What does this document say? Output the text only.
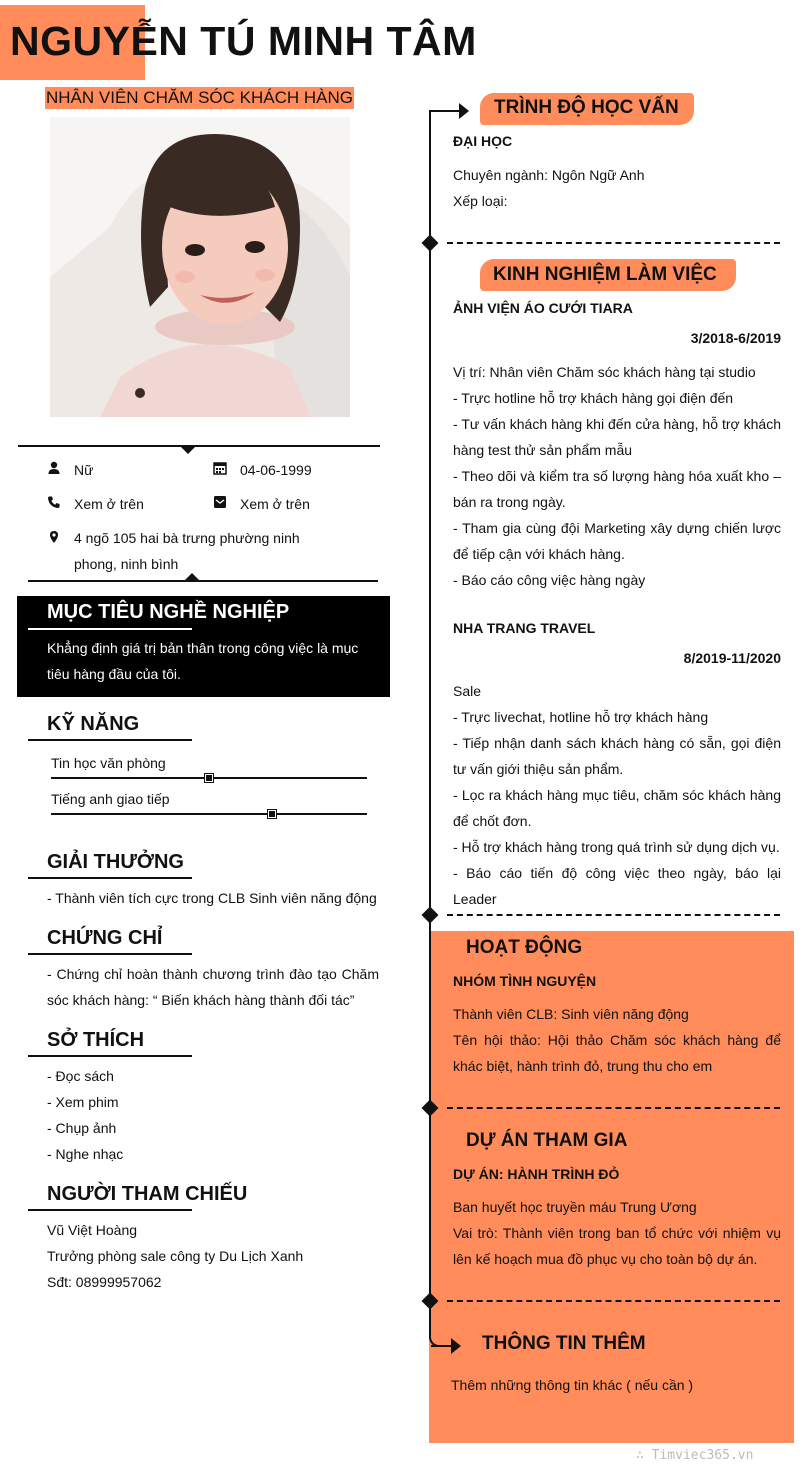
NGUYỄN TÚ MINH TÂM
NHÂN VIÊN CHĂM SÓC KHÁCH HÀNG
Nữ	04-06-1999
Xem ở trên	Xem ở trên
4 ngõ 105 hai bà trưng phường ninh phong, ninh bình
MỤC TIÊU NGHỀ NGHIỆP
Khẳng định giá trị bản thân trong công việc là mục tiêu hàng đầu của tôi.
KỸ NĂNG
Tin học văn phòng
Tiếng anh giao tiếp
GIẢI THƯỞNG
- Thành viên tích cực trong CLB Sinh viên năng động
CHỨNG CHỈ
- Chứng chỉ hoàn thành chương trình đào tạo Chăm sóc khách hàng: “ Biến khách hàng thành đối tác”
SỞ THÍCH
- Đọc sách
- Xem phim
- Chụp ảnh
- Nghe nhạc
NGƯỜI THAM CHIẾU
Vũ Việt Hoàng
Trưởng phòng sale công ty Du Lịch Xanh
Sđt: 08999957062
TRÌNH ĐỘ HỌC VẤN
ĐẠI HỌC
Chuyên ngành: Ngôn Ngữ Anh
Xếp loại:
KINH NGHIỆM LÀM VIỆC
ẢNH VIỆN ÁO CƯỚI TIARA
3/2018-6/2019
Vị trí: Nhân viên Chăm sóc khách hàng tại studio
- Trực hotline hỗ trợ khách hàng gọi điện đến
- Tư vấn khách hàng khi đến cửa hàng, hỗ trợ khách hàng test thử sản phẩm mẫu
- Theo dõi và kiểm tra số lượng hàng hóa xuất kho – bán ra trong ngày.
- Tham gia cùng đội Marketing xây dựng chiến lược để tiếp cận với khách hàng.
- Báo cáo công việc hàng ngày
NHA TRANG TRAVEL
8/2019-11/2020
Sale
- Trực livechat, hotline hỗ trợ khách hàng
- Tiếp nhận danh sách khách hàng có sẵn, gọi điện tư vấn giới thiệu sản phẩm.
- Lọc ra khách hàng mục tiêu, chăm sóc khách hàng để chốt đơn.
- Hỗ trợ khách hàng trong quá trình sử dụng dịch vụ.
- Báo cáo tiến độ công việc theo ngày, báo lại Leader
HOẠT ĐỘNG
NHÓM TÌNH NGUYỆN
Thành viên CLB: Sinh viên năng động
Tên hội thảo: Hội thảo Chăm sóc khách hàng để khác biệt, hành trình đỏ, trung thu cho em
DỰ ÁN THAM GIA
DỰ ÁN: HÀNH TRÌNH ĐỎ
Ban huyết học truyền máu Trung Ương
Vai trò: Thành viên trong ban tổ chức với nhiệm vụ lên kế hoạch mua đồ phục vụ cho toàn bộ dự án.
THÔNG TIN THÊM
Thêm những thông tin khác ( nếu cần )
∴ Timviec365.vn
